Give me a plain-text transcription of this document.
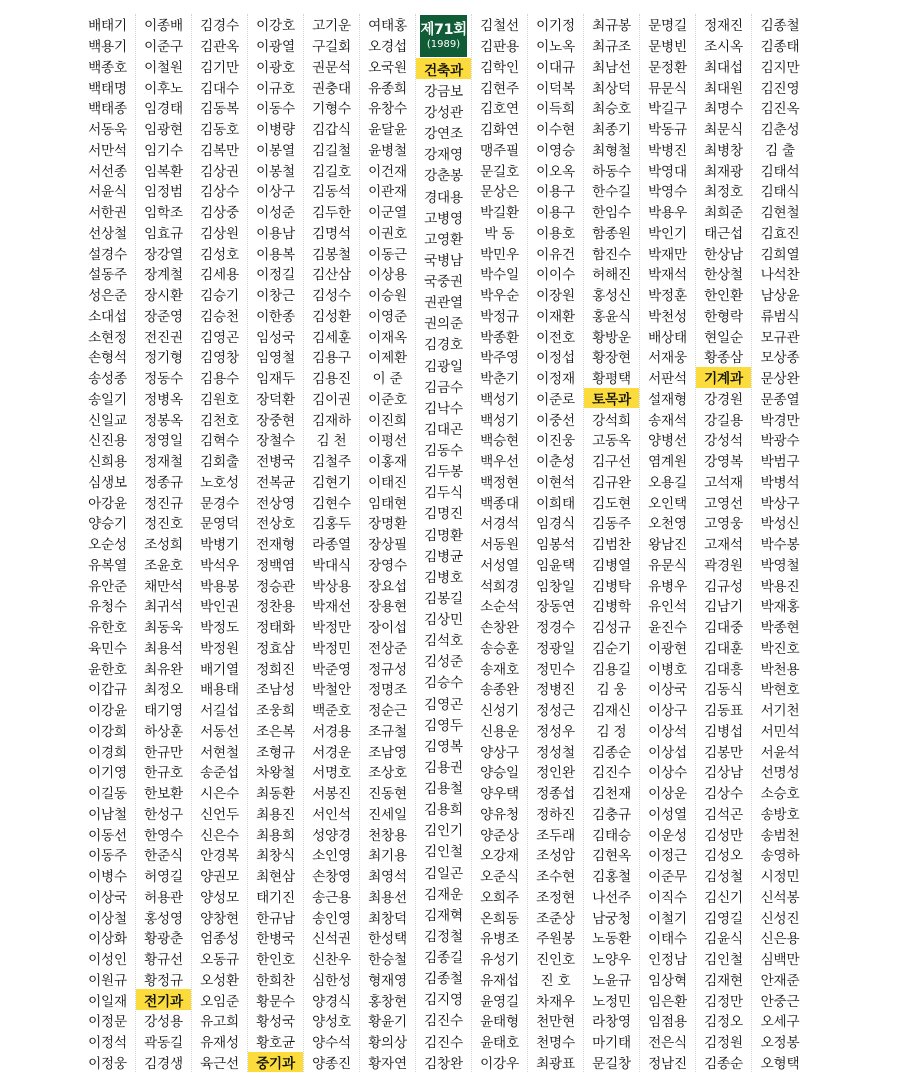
배태기
백용기
백종호
백태명
백태종
서동욱
서만석
서선종
서윤식
서한권
선상철
설경수
설동주
성은준
소대섭
소현정
손형석
송성종
송일기
신일교
신진용
신희용
심생보
아강윤
양승기
오순성
유복열
유안준
유청수
유한호
육민수
윤한호
이갑규
이강윤
이강희
이경희
이기영
이길동
이남철
이동선
이동주
이병수
이상국
이상철
이상화
이성인
이원규
이일재
이정문
이정석
이정웅
이종배
이준구
이철원
이후노
임경태
임광현
임기수
임복환
임정범
임학조
임효규
장강열
장계철
장시환
장준영
전진권
정기형
정동수
정병옥
정봉옥
정영일
정재철
정종규
정진규
정진호
조성희
조윤호
채만석
최귀석
최동욱
최용석
최유완
최정오
태기영
하상훈
한규만
한규호
한보환
한성구
한영수
한준식
허영길
허용관
홍성영
황광춘
황규선
황정규
전기과
강성용
곽동길
김경생
김경수
김관옥
김기만
김대수
김동복
김동호
김복만
김상권
김상수
김상중
김상원
김성호
김세용
김승기
김승천
김영곤
김영창
김용수
김원호
김천호
김혁수
김회출
노호성
문경수
문영덕
박병기
박석우
박용봉
박인권
박정도
박정원
배기열
배용태
서길섭
서동선
서현철
송준섭
시은수
신언두
신은수
안경복
양권모
양성모
양창현
엄종성
오동규
오성환
오임준
유고희
유재성
육근선
이강호
이광열
이광호
이규호
이동수
이병량
이봉열
이봉철
이상구
이성준
이용남
이용복
이정길
이창근
이한종
임성국
임영철
임재두
장덕환
장중현
장철수
전병국
전복균
전상영
전상호
전재형
정백염
정승관
정찬용
정태화
정효삼
정희진
조남성
조웅희
조은복
조형규
차왕철
최동환
최용진
최용희
최창식
최현삼
태기진
한규남
한병국
한인호
한희찬
황문수
황성국
황호균
중기과
고기운
구길회
권문석
권충대
기형수
김갑식
김길철
김길호
김동석
김두한
김명석
김봉철
김산삼
김성수
김성환
김세훈
김용구
김용진
김이권
김재하
김 천
김철주
김현기
김현수
김홍두
라종열
박대식
박상용
박재선
박정만
박정민
박준영
박철안
백준호
서경용
서경운
서명호
서봉진
서인석
성양경
소인영
손창영
송근용
송인영
신석권
신찬우
심한성
양경식
양성호
양수석
양종진
여태홍
오경섭
오국원
유종희
유창수
윤달윤
윤병철
이건재
이관재
이군열
이권호
이동근
이상용
이승원
이영준
이재옥
이제환
이 준
이준호
이진희
이평선
이홍재
이태진
임태현
장명환
장상필
장영수
장요섭
장용현
장이섭
전상준
정규성
정명조
정순근
조규철
조남영
조상호
진동현
진세일
천창용
최기용
최영석
최용선
최창덕
한성택
한승철
형재영
홍창현
황윤기
황의상
황자연
제71회
(1989)
건축과
강금보
강성관
강연조
강재영
강춘봉
경대용
고병영
고영환
국병남
국중권
권관열
권의준
김경호
김광일
김금수
김낙수
김대곤
김동수
김두봉
김두식
김명진
김명환
김병균
김병호
김봉길
김상민
김석호
김성준
김승수
김영곤
김영두
김영복
김용권
김용철
김용희
김인기
김인철
김일곤
김재운
김재혁
김정철
김종길
김종철
김지영
김진수
김진수
김창완
김철선
김판용
김학인
김현주
김호연
김화연
맹주필
문길호
문상은
박길환
박 동
박민우
박수일
박우순
박정규
박종환
박주영
박춘기
백성기
백성기
백승현
백우선
백정현
백종대
서경석
서동원
서성열
석희경
소순석
손창완
송승훈
송재호
송종완
신성기
신용운
양상구
양승일
양우택
양유청
양준상
오강재
오준식
오희주
온희동
유병조
유성기
유재섭
윤영길
윤태형
윤태호
이강우
이기정
이노옥
이대규
이덕복
이득희
이수현
이영승
이오옥
이용구
이용구
이용호
이유건
이이수
이장원
이재환
이전호
이정섭
이정재
이준로
이중선
이진웅
이춘성
이현석
이희태
임경식
임봉석
임윤택
임창일
장동연
정경수
정광일
정민수
정병진
정성근
정성우
정성철
정인완
정종섭
정하진
조두래
조성암
조수현
조정현
조준상
주원봉
진인호
진 호
차재우
천만현
천명수
최광표
최규봉
최규조
최남선
최상덕
최승호
최종기
최형철
하동수
한수길
한임수
함종원
함진수
허해진
홍성신
홍윤식
황방운
황장현
황평택
토목과
강석희
고동옥
김구선
김규완
김도현
김동주
김범찬
김병열
김병탁
김병학
김성규
김순기
김용길
김 웅
김재신
김 정
김종순
김진수
김천재
김충규
김태승
김현옥
김홍철
나선주
남궁청
노동환
노양우
노윤규
노정민
라창영
마기태
문길창
문명길
문병빈
문정환
뮤문식
박길구
박동규
박병진
박영대
박영수
박용우
박인기
박재만
박재석
박정훈
박천성
배상태
서재웅
서판석
설재형
송재석
양병선
염계원
오용길
오인택
오천영
왕남진
유문식
유병우
유인석
윤진수
이광현
이병호
이상국
이상구
이상석
이상섭
이상수
이상운
이성열
이운성
이정근
이준무
이직수
이철기
이태수
인정남
임상혁
임은환
임점용
전은식
정남진
정재진
조시옥
최대섭
최대원
최명수
최문식
최병창
최재광
최정호
최희준
태근섭
한상남
한상철
한인환
한형락
현일순
황종삼
기계과
강경원
강길용
강성석
강영복
고석재
고영선
고영웅
고재석
곽경원
김규성
김남기
김대중
김대훈
김대흥
김동식
김동표
김병섭
김봉만
김상남
김상수
김석곤
김성만
김성오
김성철
김신기
김영길
김윤식
김인철
김재현
김정만
김정오
김정원
김종순
김종철
김종태
김지만
김진영
김진옥
김춘성
김 출
김태석
김태식
김현철
김효진
김희열
나석찬
남상윤
류범식
모규관
모상종
문상완
문종열
박경만
박광수
박범구
박병석
박상구
박성신
박수봉
박영철
박용진
박재홍
박종현
박진호
박천용
박현호
서기천
서민석
서윤석
선명성
소승호
송방호
송범천
송영하
시정민
신석봉
신성진
신은용
심백만
안재준
안중근
오세구
오정봉
오형택
